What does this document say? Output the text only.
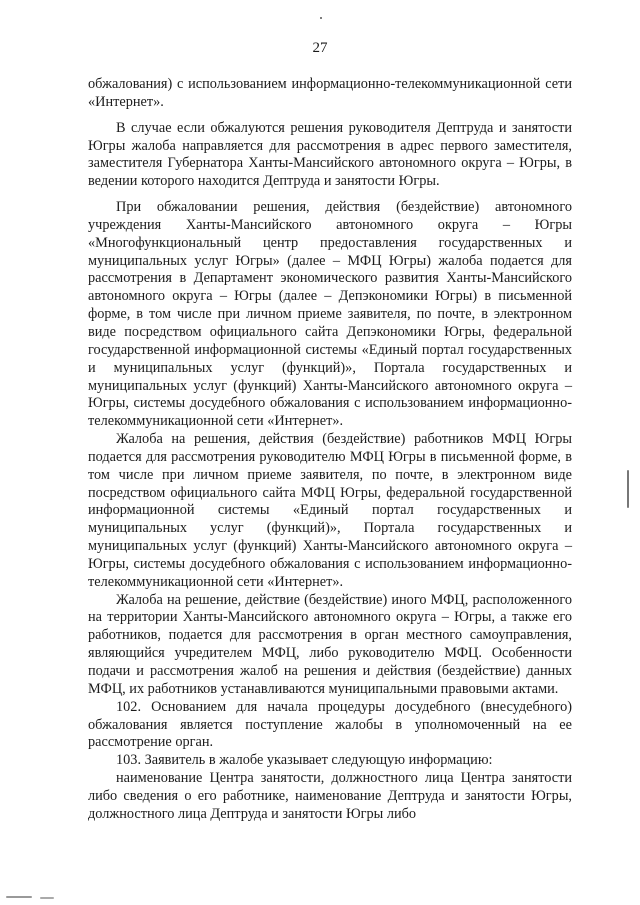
27

обжалования) с использованием информационно-телекоммуникационной сети «Интернет».

В случае если обжалуются решения руководителя Дептруда и занятости Югры жалоба направляется для рассмотрения в адрес первого заместителя, заместителя Губернатора Ханты-Мансийского автономного округа – Югры, в ведении которого находится Дептруда и занятости Югры.

При обжаловании решения, действия (бездействие) автономного учреждения Ханты-Мансийского автономного округа – Югры «Многофункциональный центр предоставления государственных и муниципальных услуг Югры» (далее – МФЦ Югры) жалоба подается для рассмотрения в Департамент экономического развития Ханты-Мансийского автономного округа – Югры (далее – Депэкономики Югры) в письменной форме, в том числе при личном приеме заявителя, по почте, в электронном виде посредством официального сайта Депэкономики Югры, федеральной государственной информационной системы «Единый портал государственных и муниципальных услуг (функций)», Портала государственных и муниципальных услуг (функций) Ханты-Мансийского автономного округа – Югры, системы досудебного обжалования с использованием информационно-телекоммуникационной сети «Интернет».

Жалоба на решения, действия (бездействие) работников МФЦ Югры подается для рассмотрения руководителю МФЦ Югры в письменной форме, в том числе при личном приеме заявителя, по почте, в электронном виде посредством официального сайта МФЦ Югры, федеральной государственной информационной системы «Единый портал государственных и муниципальных услуг (функций)», Портала государственных и муниципальных услуг (функций) Ханты-Мансийского автономного округа – Югры, системы досудебного обжалования с использованием информационно-телекоммуникационной сети «Интернет».

Жалоба на решение, действие (бездействие) иного МФЦ, расположенного на территории Ханты-Мансийского автономного округа – Югры, а также его работников, подается для рассмотрения в орган местного самоуправления, являющийся учредителем МФЦ, либо руководителю МФЦ. Особенности подачи и рассмотрения жалоб на решения и действия (бездействие) данных МФЦ, их работников устанавливаются муниципальными правовыми актами.

102. Основанием для начала процедуры досудебного (внесудебного) обжалования является поступление жалобы в уполномоченный на ее рассмотрение орган.

103. Заявитель в жалобе указывает следующую информацию:

наименование Центра занятости, должностного лица Центра занятости либо сведения о его работнике, наименование Дептруда и занятости Югры, должностного лица Дептруда и занятости Югры либо
